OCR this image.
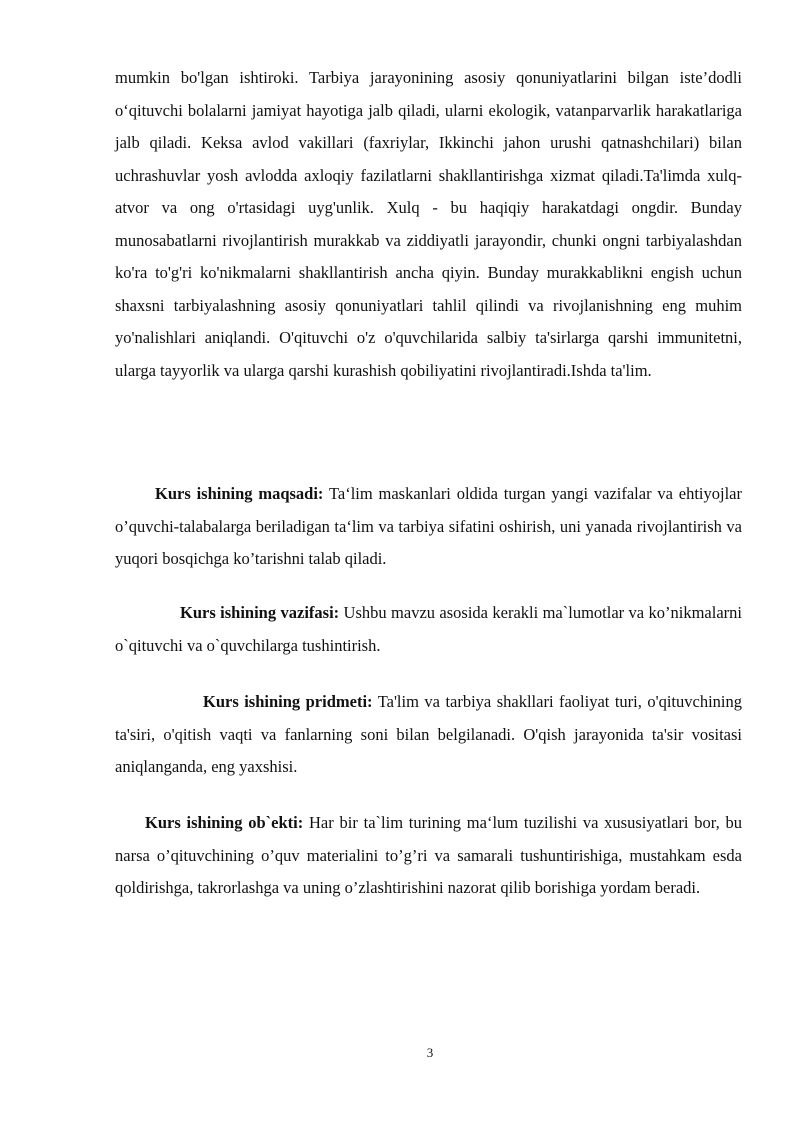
mumkin bo'lgan ishtiroki. Tarbiya jarayonining asosiy qonuniyatlarini bilgan iste’dodli o‘qituvchi bolalarni jamiyat hayotiga jalb qiladi, ularni ekologik, vatanparvarlik harakatlariga jalb qiladi. Keksa avlod vakillari (faxriylar, Ikkinchi jahon urushi qatnashchilari) bilan uchrashuvlar yosh avlodda axloqiy fazilatlarni shakllantirishga xizmat qiladi.Ta'limda xulq-atvor va ong o'rtasidagi uyg'unlik. Xulq - bu haqiqiy harakatdagi ongdir. Bunday munosabatlarni rivojlantirish murakkab va ziddiyatli jarayondir, chunki ongni tarbiyalashdan ko'ra to'g'ri ko'nikmalarni shakllantirish ancha qiyin. Bunday murakkablikni engish uchun shaxsni tarbiyalashning asosiy qonuniyatlari tahlil qilindi va rivojlanishning eng muhim yo'nalishlari aniqlandi. O'qituvchi o'z o'quvchilarida salbiy ta'sirlarga qarshi immunitetni, ularga tayyorlik va ularga qarshi kurashish qobiliyatini rivojlantiradi.Ishda ta'lim.

Kurs ishining maqsadi: Ta‘lim maskanlari oldida turgan yangi vazifalar va ehtiyojlar o’quvchi-talabalarga beriladigan ta‘lim va tarbiya sifatini oshirish, uni yanada rivojlantirish va yuqori bosqichga ko’tarishni talab qiladi.

Kurs ishining vazifasi: Ushbu mavzu asosida kerakli ma`lumotlar va ko’nikmalarni o`qituvchi va o`quvchilarga tushintirish.

Kurs ishining pridmeti: Ta'lim va tarbiya shakllari faoliyat turi, o'qituvchining ta'siri, o'qitish vaqti va fanlarning soni bilan belgilanadi. O'qish jarayonida ta'sir vositasi aniqlanganda, eng yaxshisi.

Kurs ishining ob`ekti: Har bir ta`lim turining ma‘lum tuzilishi va xususiyatlari bor, bu narsa o’qituvchining o’quv materialini to’g’ri va samarali tushuntirishiga, mustahkam esda qoldirishga, takrorlashga va uning o’zlashtirishini nazorat qilib borishiga yordam beradi.

3
